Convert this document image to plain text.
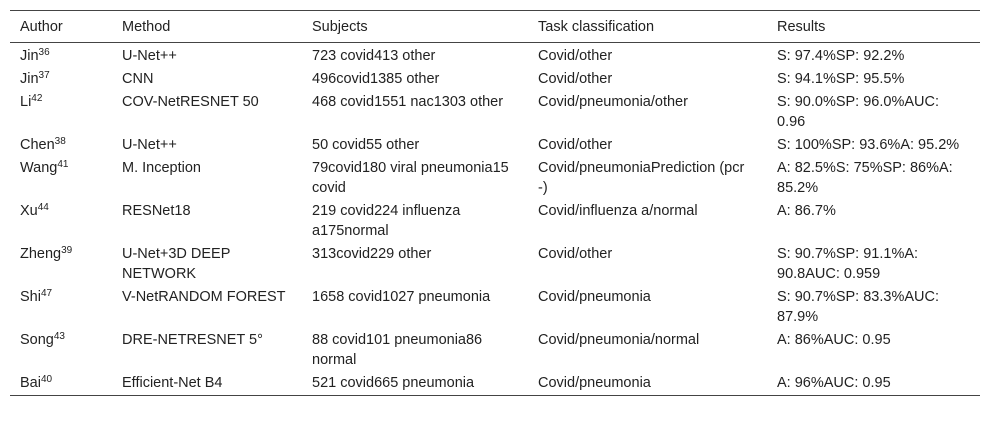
Author	Method	Subjects	Task classification	Results
Jin$^{36}$	U-Net++	723 covid413 other	Covid/other	S: 97.4%SP: 92.2%
Jin$^{37}$	CNN	496covid1385 other	Covid/other	S: 94.1%SP: 95.5%
Li$^{42}$	COV-NetRESNET 50	468 covid1551 nac1303 other	Covid/pneumonia/other	S: 90.0%SP: 96.0%AUC: 0.96
Chen$^{38}$	U-Net++	50 covid55 other	Covid/other	S: 100%SP: 93.6%A: 95.2%
Wang$^{41}$	M. Inception	79covid180 viral pneumonia15 covid	Covid/pneumoniaPrediction (pcr -)	A: 82.5%S: 75%SP: 86%A: 85.2%
Xu$^{44}$	RESNet18	219 covid224 influenza a175normal	Covid/influenza a/normal	A: 86.7%
Zheng$^{39}$	U-Net+3D DEEP NETWORK	313covid229 other	Covid/other	S: 90.7%SP: 91.1%A: 90.8AUC: 0.959
Shi$^{47}$	V-NetRANDOM FOREST	1658 covid1027 pneumonia	Covid/pneumonia	S: 90.7%SP: 83.3%AUC: 87.9%
Song$^{43}$	DRE-NETRESNET 5°	88 covid101 pneumonia86 normal	Covid/pneumonia/normal	A: 86%AUC: 0.95
Bai$^{40}$	Efficient-Net B4	521 covid665 pneumonia	Covid/pneumonia	A: 96%AUC: 0.95
